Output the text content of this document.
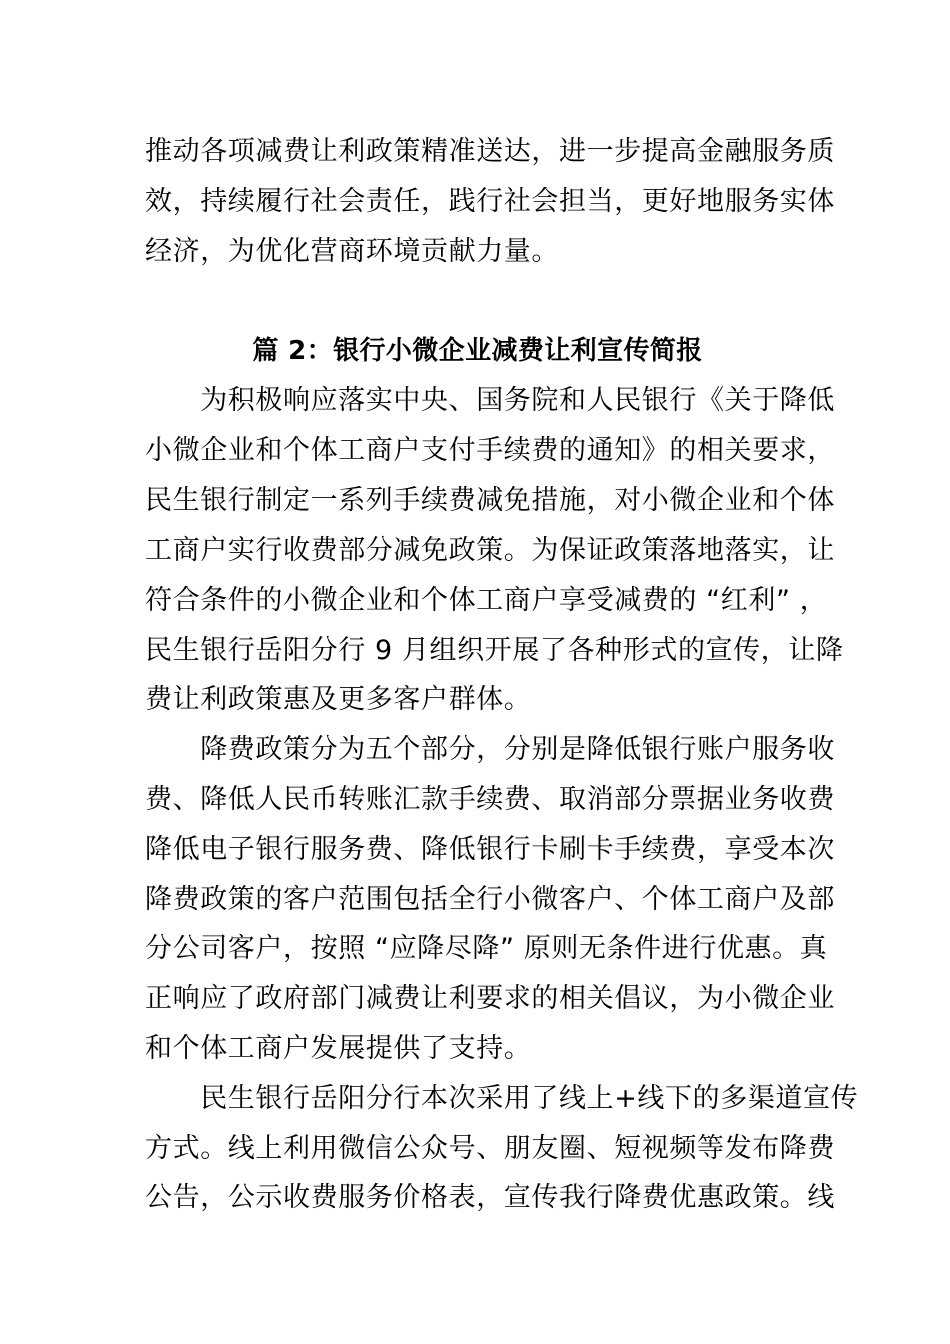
推动各项减费让利政策精准送达，进一步提高金融服务质
效，持续履行社会责任，践行社会担当，更好地服务实体
经济，为优化营商环境贡献力量。
篇 2：银行小微企业减费让利宣传简报
　　为积极响应落实中央、国务院和人民银行《关于降低
小微企业和个体工商户支付手续费的通知》的相关要求，
民生银行制定一系列手续费减免措施，对小微企业和个体
工商户实行收费部分减免政策。为保证政策落地落实，让
符合条件的小微企业和个体工商户享受减费的 “红利” ，
民生银行岳阳分行 9 月组织开展了各种形式的宣传，让降
费让利政策惠及更多客户群体。
　　降费政策分为五个部分，分别是降低银行账户服务收
费、降低人民币转账汇款手续费、取消部分票据业务收费
降低电子银行服务费、降低银行卡刷卡手续费，享受本次
降费政策的客户范围包括全行小微客户、个体工商户及部
分公司客户，按照 “应降尽降” 原则无条件进行优惠。真
正响应了政府部门减费让利要求的相关倡议，为小微企业
和个体工商户发展提供了支持。
　　民生银行岳阳分行本次采用了线上+线下的多渠道宣传
方式。线上利用微信公众号、朋友圈、短视频等发布降费
公告，公示收费服务价格表，宣传我行降费优惠政策。线
